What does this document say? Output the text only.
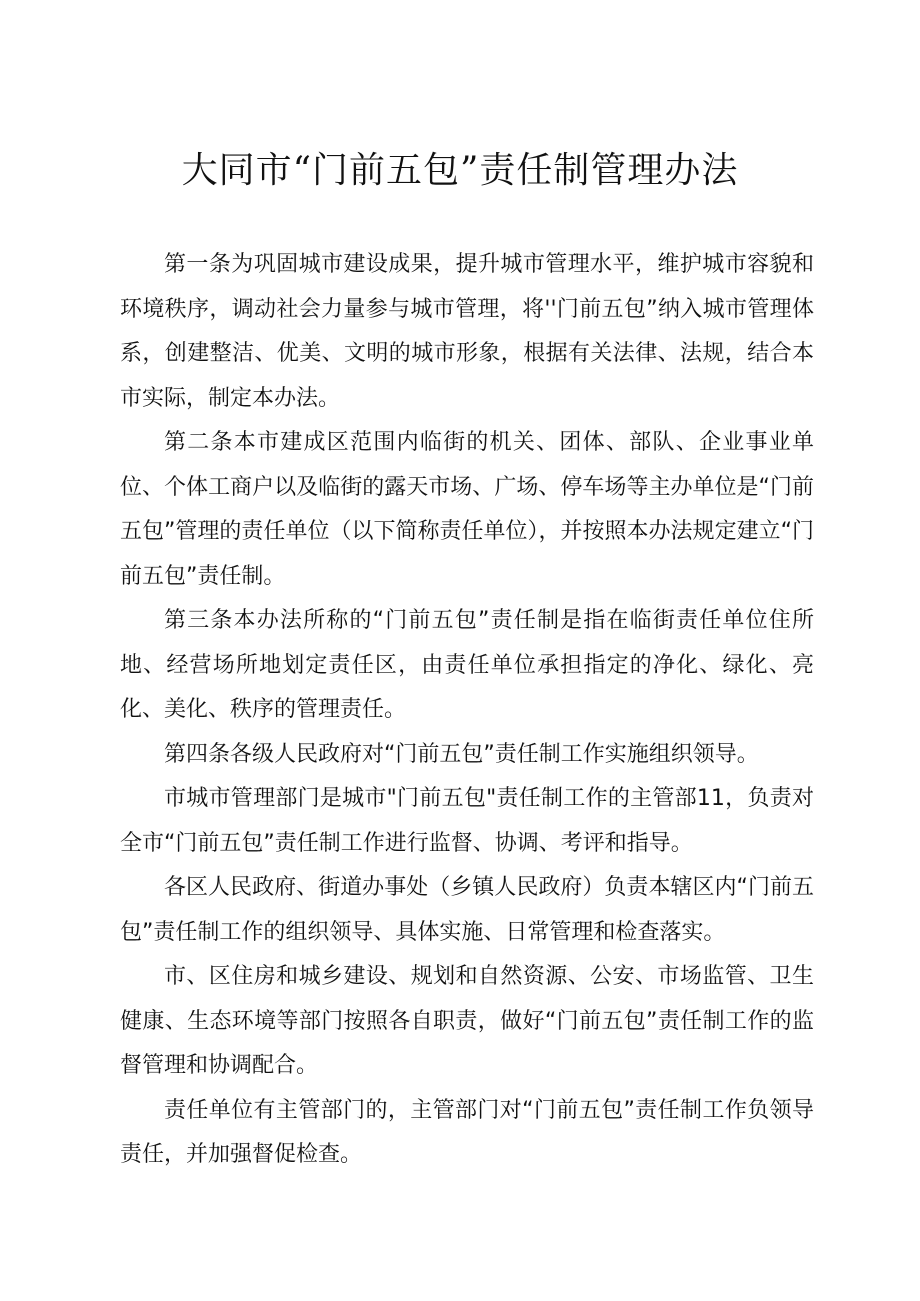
大同市“门前五包”责任制管理办法

第一条为巩固城市建设成果，提升城市管理水平，维护城市容貌和环境秩序，调动社会力量参与城市管理，将''门前五包”纳入城市管理体系，创建整洁、优美、文明的城市形象，根据有关法律、法规，结合本市实际，制定本办法。

第二条本市建成区范围内临街的机关、团体、部队、企业事业单位、个体工商户以及临街的露天市场、广场、停车场等主办单位是“门前五包”管理的责任单位（以下简称责任单位），并按照本办法规定建立“门前五包”责任制。

第三条本办法所称的“门前五包”责任制是指在临街责任单位住所地、经营场所地划定责任区，由责任单位承担指定的净化、绿化、亮化、美化、秩序的管理责任。

第四条各级人民政府对“门前五包”责任制工作实施组织领导。

市城市管理部门是城市"门前五包"责任制工作的主管部11，负责对全市“门前五包”责任制工作进行监督、协调、考评和指导。

各区人民政府、街道办事处（乡镇人民政府）负责本辖区内“门前五包”责任制工作的组织领导、具体实施、日常管理和检查落实。

市、区住房和城乡建设、规划和自然资源、公安、市场监管、卫生健康、生态环境等部门按照各自职责，做好“门前五包”责任制工作的监督管理和协调配合。

责任单位有主管部门的，主管部门对“门前五包”责任制工作负领导责任，并加强督促检查。
